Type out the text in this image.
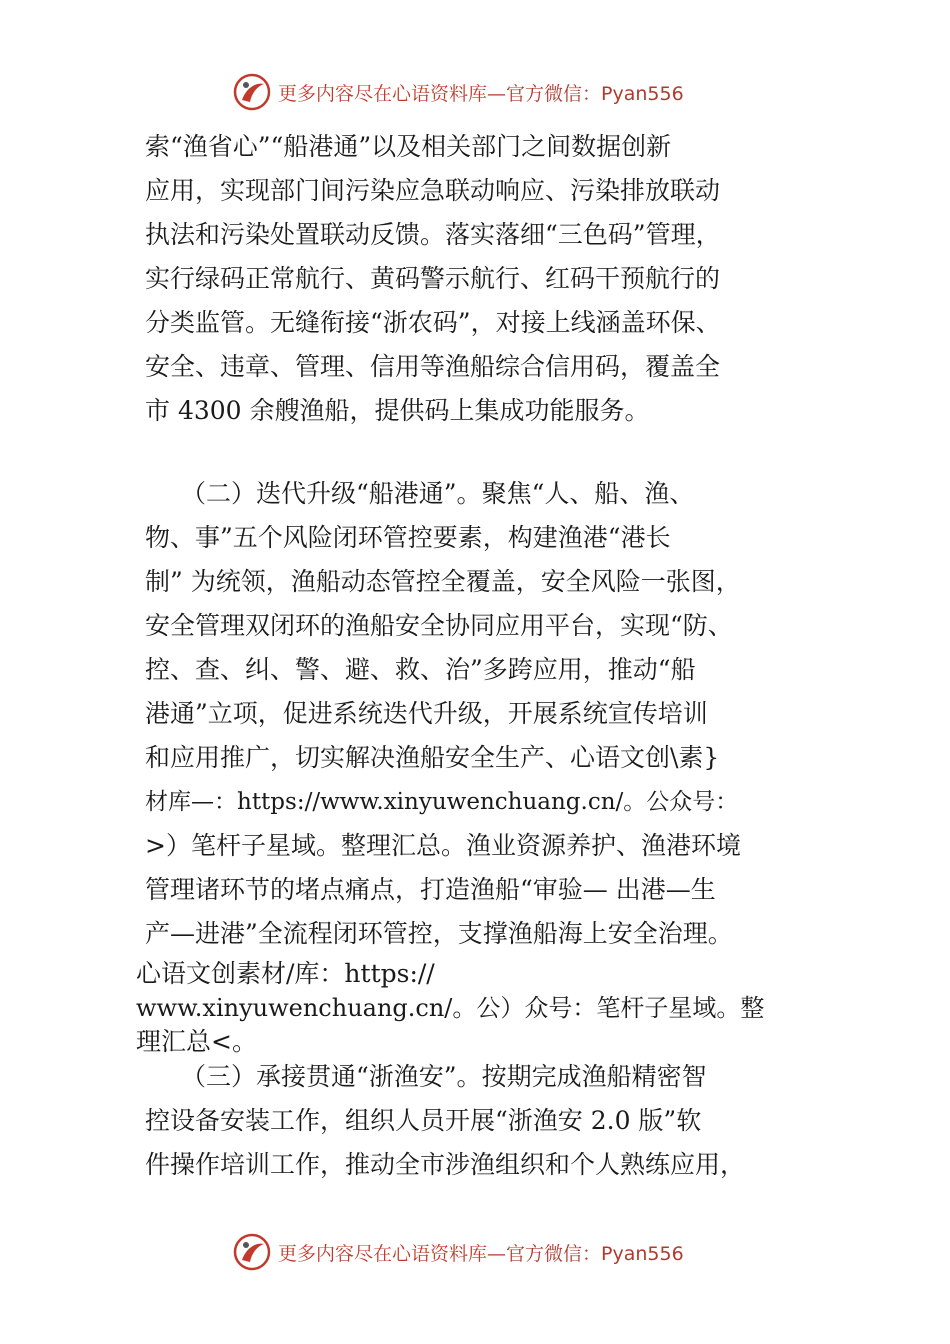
更多内容尽在心语资料库—官方微信：Pyan556
索“渔省心”“船港通”以及相关部门之间数据创新
应用，实现部门间污染应急联动响应、污染排放联动
执法和污染处置联动反馈。落实落细“三色码”管理，
实行绿码正常航行、黄码警示航行、红码干预航行的
分类监管。无缝衔接“浙农码”，对接上线涵盖环保、
安全、违章、管理、信用等渔船综合信用码，覆盖全
市 4300 余艘渔船，提供码上集成功能服务。
（二）迭代升级“船港通”。聚焦“人、船、渔、
物、事”五个风险闭环管控要素，构建渔港“港长
制” 为统领，渔船动态管控全覆盖，安全风险一张图，
安全管理双闭环的渔船安全协同应用平台，实现“防、
控、查、纠、警、避、救、治”多跨应用，推动“船
港通”立项，促进系统迭代升级，开展系统宣传培训
和应用推广，切实解决渔船安全生产、心语文创\素}
材库—：https://www.xinyuwenchuang.cn/。公众号：
>）笔杆子星域。整理汇总。渔业资源养护、渔港环境
管理诸环节的堵点痛点，打造渔船“审验— 出港—生
产—进港”全流程闭环管控，支撑渔船海上安全治理。
心语文创素材/库：https://
www.xinyuwenchuang.cn/。公）众号：笔杆子星域。整
理汇总<。
（三）承接贯通“浙渔安”。按期完成渔船精密智
控设备安装工作，组织人员开展“浙渔安 2.0 版”软
件操作培训工作，推动全市涉渔组织和个人熟练应用，
更多内容尽在心语资料库—官方微信：Pyan556
